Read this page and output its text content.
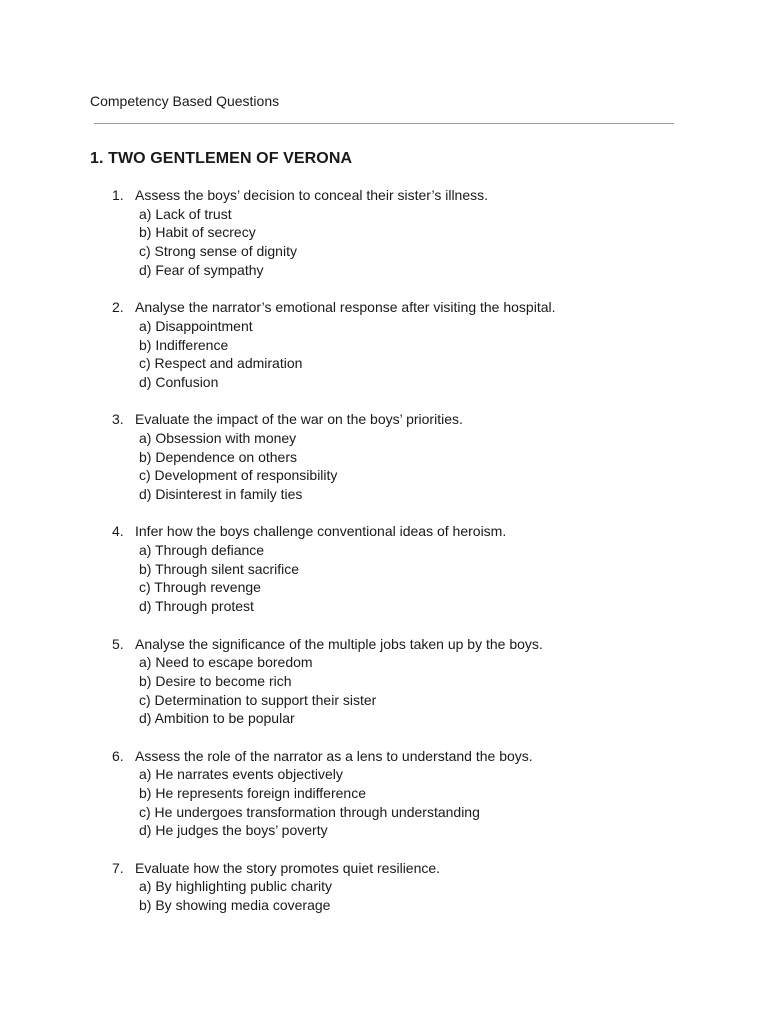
Competency Based Questions
1. TWO GENTLEMEN OF VERONA
1. Assess the boys’ decision to conceal their sister’s illness.
a) Lack of trust
b) Habit of secrecy
c) Strong sense of dignity
d) Fear of sympathy
2. Analyse the narrator’s emotional response after visiting the hospital.
a) Disappointment
b) Indifference
c) Respect and admiration
d) Confusion
3. Evaluate the impact of the war on the boys’ priorities.
a) Obsession with money
b) Dependence on others
c) Development of responsibility
d) Disinterest in family ties
4. Infer how the boys challenge conventional ideas of heroism.
a) Through defiance
b) Through silent sacrifice
c) Through revenge
d) Through protest
5. Analyse the significance of the multiple jobs taken up by the boys.
a) Need to escape boredom
b) Desire to become rich
c) Determination to support their sister
d) Ambition to be popular
6. Assess the role of the narrator as a lens to understand the boys.
a) He narrates events objectively
b) He represents foreign indifference
c) He undergoes transformation through understanding
d) He judges the boys’ poverty
7. Evaluate how the story promotes quiet resilience.
a) By highlighting public charity
b) By showing media coverage
